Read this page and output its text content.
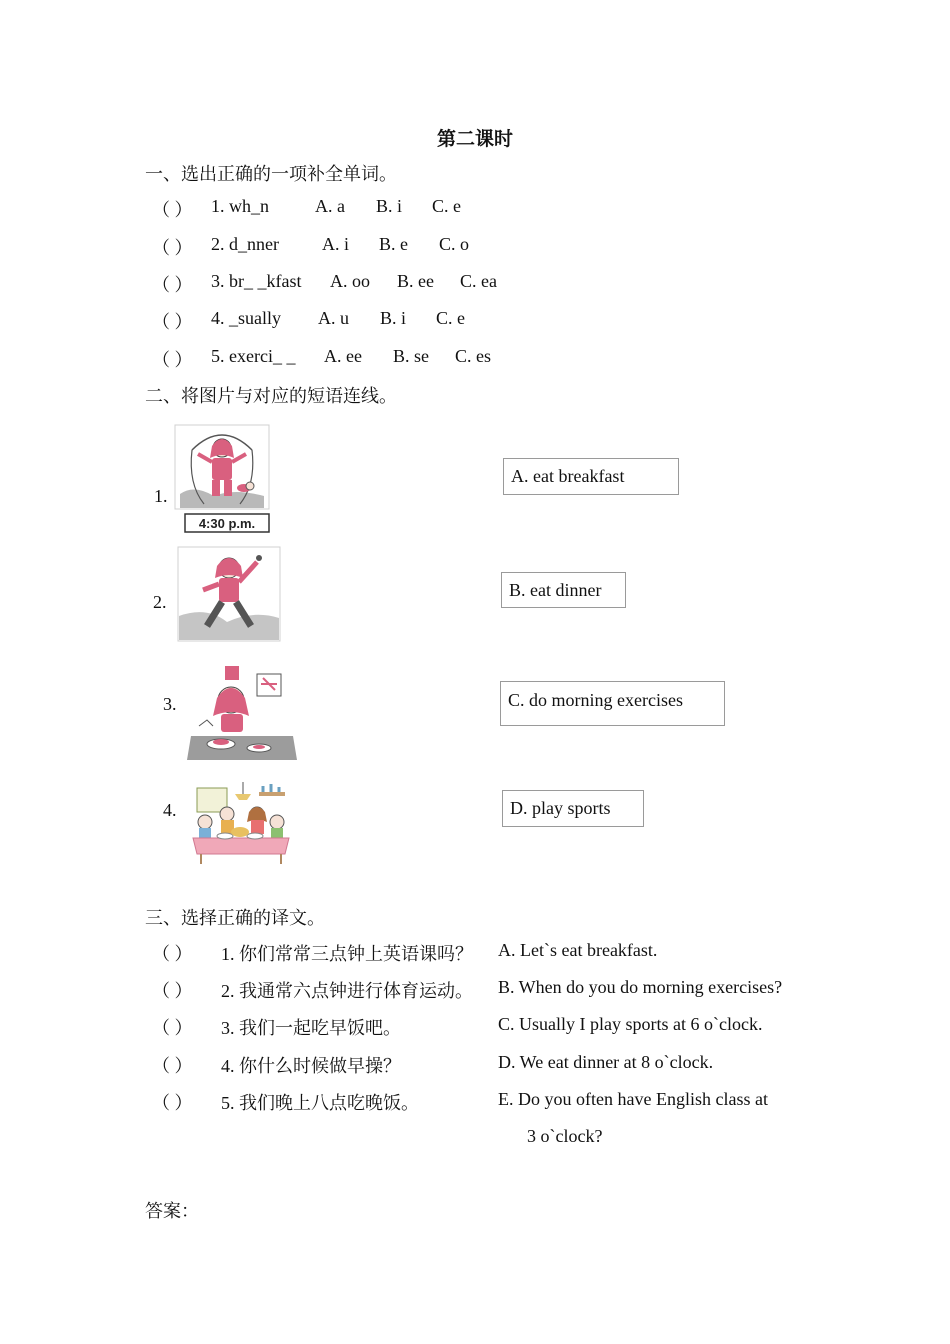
第二课时
一、选出正确的一项补全单词。
（ ） 1. wh_n	A. a B. i C. e
（ ） 2. d_nner A. i B. e C. o
（ ） 3. br_ _kfast A. oo B. ee C. ea
（ ） 4. _sually A. u B. i C. e
（ ） 5. exerci_ _ A. ee B. se C. es
二、将图片与对应的短语连线。
1.
4:30 p.m.
2.
3.
4.
A. eat breakfast
B. eat dinner
C. do morning exercises
D. play sports
三、选择正确的译文。
（ ） 1. 你们常常三点钟上英语课吗？ A. Let`s eat breakfast.
（ ） 2. 我通常六点钟进行体育运动。 B. When do you do morning exercises?
（ ） 3. 我们一起吃早饭吧。	C. Usually I play sports at 6 o`clock.
（ ） 4. 你什么时候做早操？	D. We eat dinner at 8 o`clock.
（ ） 5. 我们晚上八点吃晚饭。	E. Do you often have English class at
3 o`clock?
答案：
